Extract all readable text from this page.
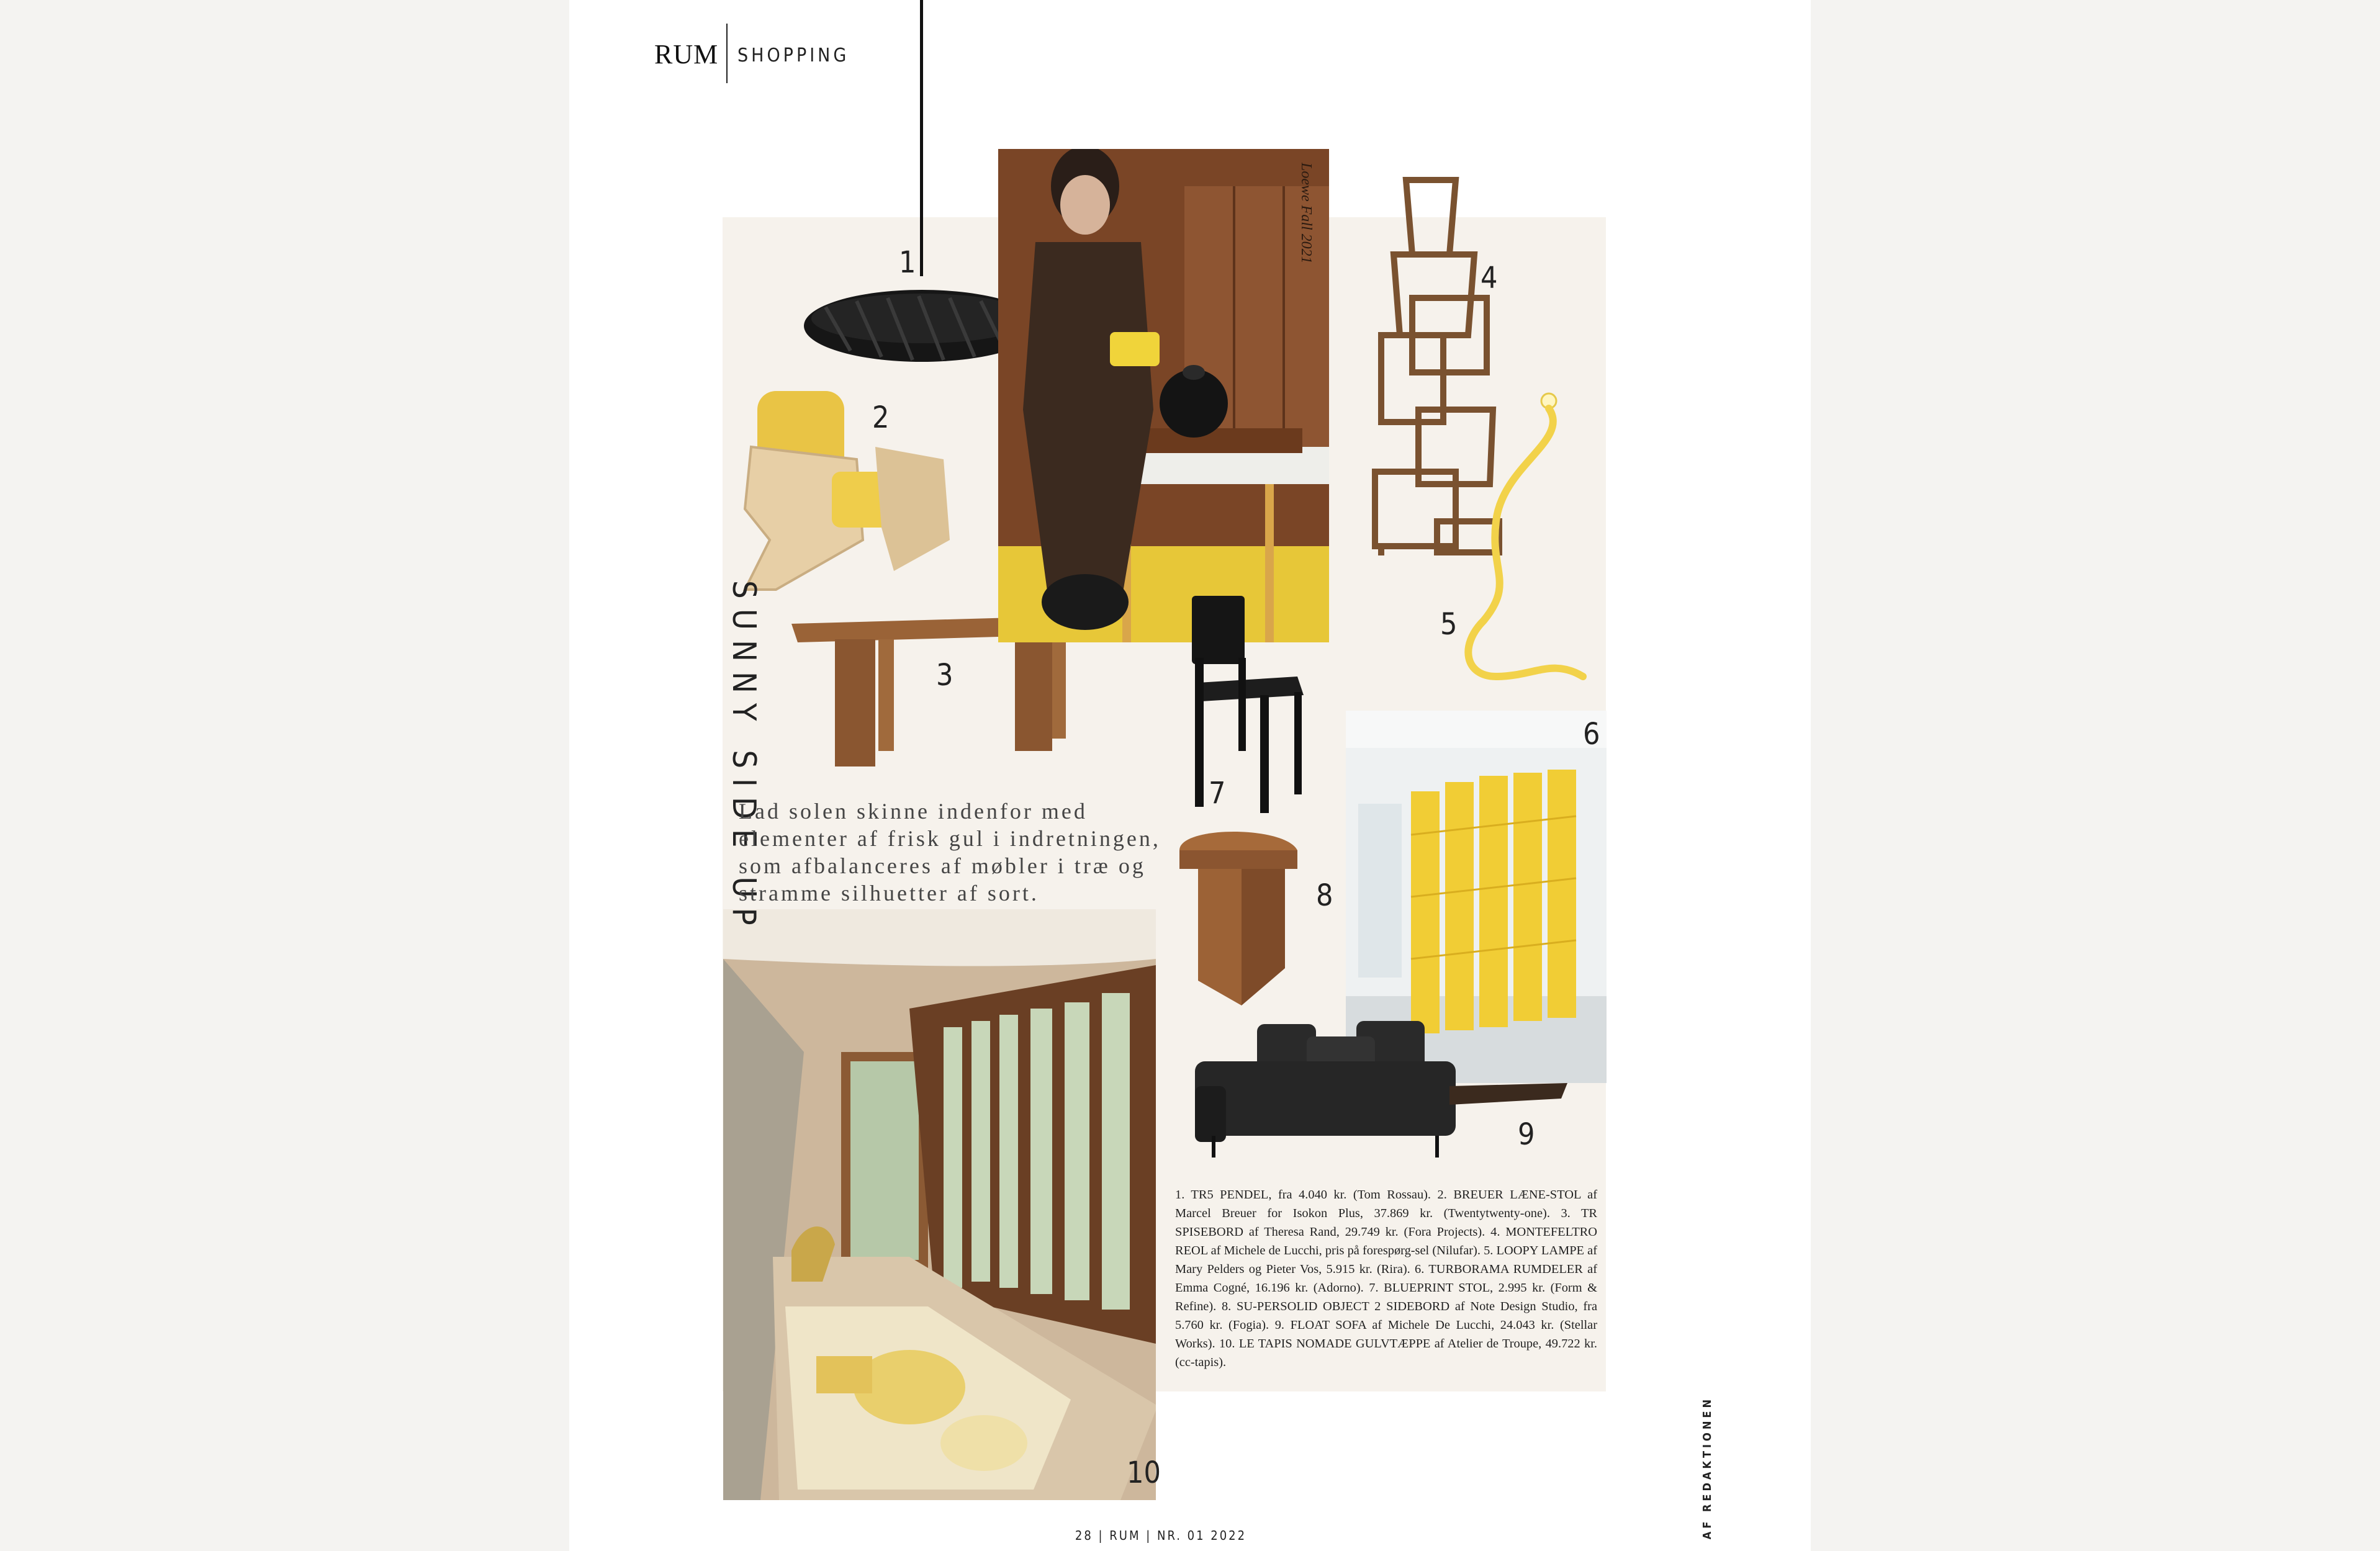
RUM SHOPPING
Loewe Fall 2021
1
2
3
4
5
6
7
8
9
10
SUNNY SIDE UP
Lad solen skinne indenfor med elementer af frisk gul i indretningen, som afbalanceres af møbler i træ og stramme silhuetter af sort.
1. TR5 PENDEL, fra 4.040 kr. (Tom Rossau). 2. BREUER LÆNE-STOL af Marcel Breuer for Isokon Plus, 37.869 kr. (Twentytwenty-one). 3. TR SPISEBORD af Theresa Rand, 29.749 kr. (Fora Projects). 4. MONTEFELTRO REOL af Michele de Lucchi, pris på forespørg-sel (Nilufar). 5. LOOPY LAMPE af Mary Pelders og Pieter Vos, 5.915 kr. (Rira). 6. TURBORAMA RUMDELER af Emma Cogné, 16.196 kr. (Adorno). 7. BLUEPRINT STOL, 2.995 kr. (Form & Refine). 8. SU-PERSOLID OBJECT 2 SIDEBORD af Note Design Studio, fra 5.760 kr. (Fogia). 9. FLOAT SOFA af Michele De Lucchi, 24.043 kr. (Stellar Works). 10. LE TAPIS NOMADE GULVTÆPPE af Atelier de Troupe, 49.722 kr. (cc-tapis).
AF REDAKTIONEN
28 | RUM | NR. 01 2022
